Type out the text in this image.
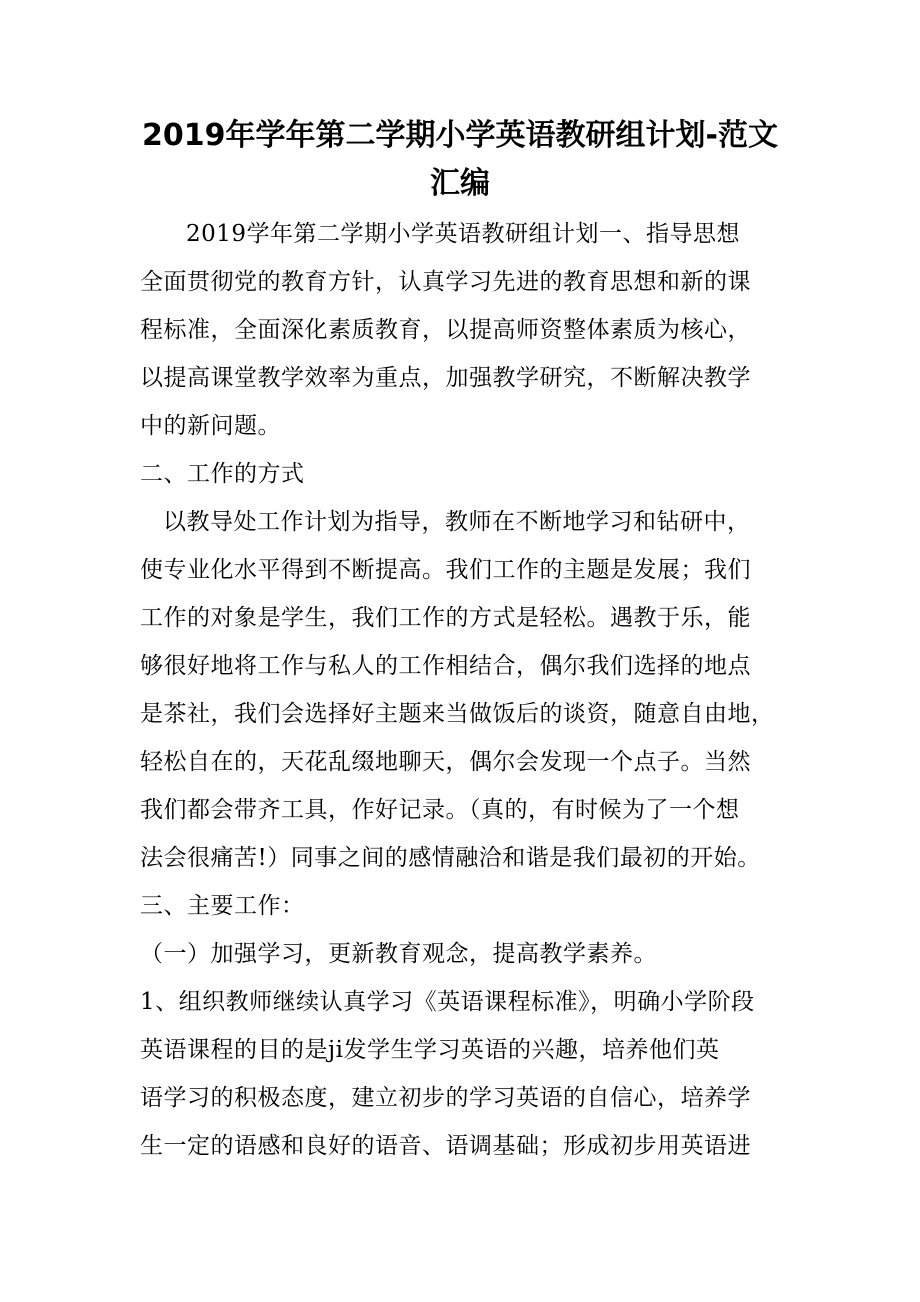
2019年学年第二学期小学英语教研组计划-范文
汇编
2019学年第二学期小学英语教研组计划一、指导思想
全面贯彻党的教育方针，认真学习先进的教育思想和新的课
程标准，全面深化素质教育，以提高师资整体素质为核心，
以提高课堂教学效率为重点，加强教学研究，不断解决教学
中的新问题。
二、工作的方式
以教导处工作计划为指导，教师在不断地学习和钻研中，
使专业化水平得到不断提高。我们工作的主题是发展；我们
工作的对象是学生，我们工作的方式是轻松。遇教于乐，能
够很好地将工作与私人的工作相结合，偶尔我们选择的地点
是茶社，我们会选择好主题来当做饭后的谈资，随意自由地，
轻松自在的，天花乱缀地聊天，偶尔会发现一个点子。当然
我们都会带齐工具，作好记录。（真的，有时候为了一个想
法会很痛苦!）同事之间的感情融洽和谐是我们最初的开始。
三、主要工作：
（一）加强学习，更新教育观念，提高教学素养。
1、组织教师继续认真学习《英语课程标准》，明确小学阶段
英语课程的目的是ji发学生学习英语的兴趣，培养他们英
语学习的积极态度，建立初步的学习英语的自信心，培养学
生一定的语感和良好的语音、语调基础；形成初步用英语进
